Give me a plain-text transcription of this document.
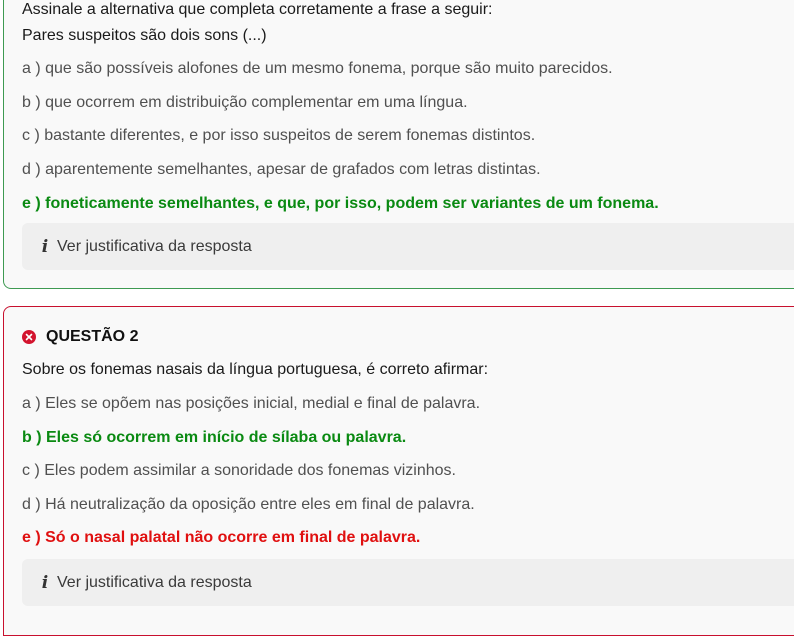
Assinale a alternativa que completa corretamente a frase a seguir:
Pares suspeitos são dois sons (...)
a ) que são possíveis alofones de um mesmo fonema, porque são muito parecidos.
b ) que ocorrem em distribuição complementar em uma língua.
c ) bastante diferentes, e por isso suspeitos de serem fonemas distintos.
d ) aparentemente semelhantes, apesar de grafados com letras distintas.
e ) foneticamente semelhantes, e que, por isso, podem ser variantes de um fonema.
i Ver justificativa da resposta
QUESTÃO 2
Sobre os fonemas nasais da língua portuguesa, é correto afirmar:
a ) Eles se opõem nas posições inicial, medial e final de palavra.
b ) Eles só ocorrem em início de sílaba ou palavra.
c ) Eles podem assimilar a sonoridade dos fonemas vizinhos.
d ) Há neutralização da oposição entre eles em final de palavra.
e ) Só o nasal palatal não ocorre em final de palavra.
i Ver justificativa da resposta
